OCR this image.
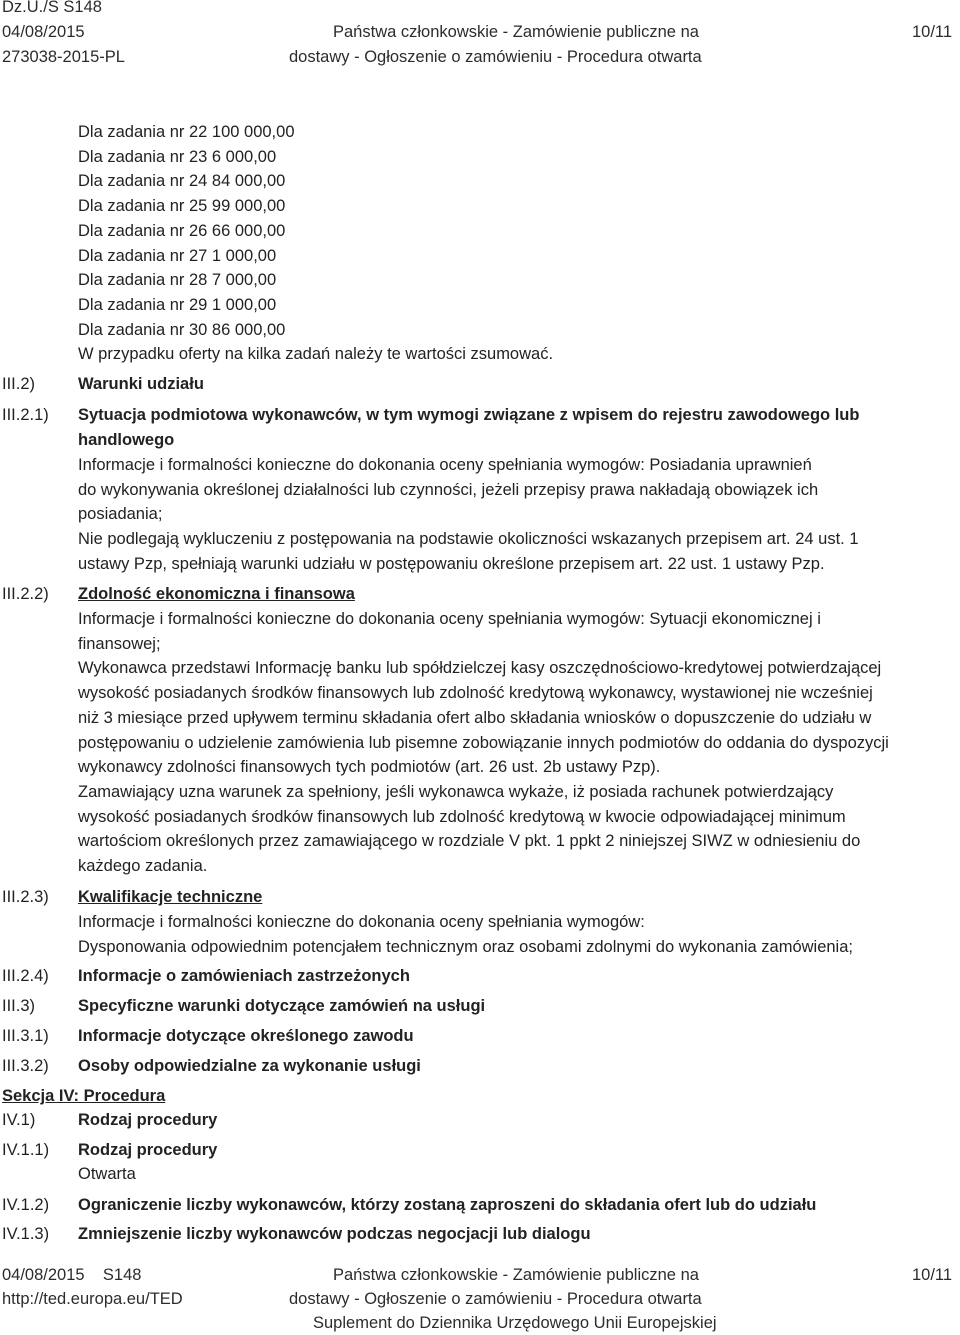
Dz.U./S S148
04/08/2015
273038-2015-PL
Państwa członkowskie - Zamówienie publiczne na
dostawy - Ogłoszenie o zamówieniu - Procedura otwarta
10/11
Dla zadania nr 22 100 000,00
Dla zadania nr 23 6 000,00
Dla zadania nr 24 84 000,00
Dla zadania nr 25 99 000,00
Dla zadania nr 26 66 000,00
Dla zadania nr 27 1 000,00
Dla zadania nr 28 7 000,00
Dla zadania nr 29 1 000,00
Dla zadania nr 30 86 000,00
W przypadku oferty na kilka zadań należy te wartości zsumować.
III.2)	Warunki udziału
III.2.1) Sytuacja podmiotowa wykonawców, w tym wymogi związane z wpisem do rejestru zawodowego lub
handlowego
Informacje i formalności konieczne do dokonania oceny spełniania wymogów: Posiadania uprawnień
do wykonywania określonej działalności lub czynności, jeżeli przepisy prawa nakładają obowiązek ich
posiadania;
Nie podlegają wykluczeniu z postępowania na podstawie okoliczności wskazanych przepisem art. 24 ust. 1
ustawy Pzp, spełniają warunki udziału w postępowaniu określone przepisem art. 22 ust. 1 ustawy Pzp.
III.2.2) Zdolność ekonomiczna i finansowa
Informacje i formalności konieczne do dokonania oceny spełniania wymogów: Sytuacji ekonomicznej i
finansowej;
Wykonawca przedstawi Informację banku lub spółdzielczej kasy oszczędnościowo-kredytowej potwierdzającej
wysokość posiadanych środków finansowych lub zdolność kredytową wykonawcy, wystawionej nie wcześniej
niż 3 miesiące przed upływem terminu składania ofert albo składania wniosków o dopuszczenie do udziału w
postępowaniu o udzielenie zamówienia lub pisemne zobowiązanie innych podmiotów do oddania do dyspozycji
wykonawcy zdolności finansowych tych podmiotów (art. 26 ust. 2b ustawy Pzp).
Zamawiający uzna warunek za spełniony, jeśli wykonawca wykaże, iż posiada rachunek potwierdzający
wysokość posiadanych środków finansowych lub zdolność kredytową w kwocie odpowiadającej minimum
wartościom określonych przez zamawiającego w rozdziale V pkt. 1 ppkt 2 niniejszej SIWZ w odniesieniu do
każdego zadania.
III.2.3) Kwalifikacje techniczne
Informacje i formalności konieczne do dokonania oceny spełniania wymogów:
Dysponowania odpowiednim potencjałem technicznym oraz osobami zdolnymi do wykonania zamówienia;
III.2.4) Informacje o zamówieniach zastrzeżonych
III.3)	Specyficzne warunki dotyczące zamówień na usługi
III.3.1) Informacje dotyczące określonego zawodu
III.3.2) Osoby odpowiedzialne za wykonanie usługi
Sekcja IV: Procedura
IV.1)	Rodzaj procedury
IV.1.1) Rodzaj procedury
Otwarta
IV.1.2) Ograniczenie liczby wykonawców, którzy zostaną zaproszeni do składania ofert lub do udziału
IV.1.3) Zmniejszenie liczby wykonawców podczas negocjacji lub dialogu
04/08/2015    S148
http://ted.europa.eu/TED
Państwa członkowskie - Zamówienie publiczne na
dostawy - Ogłoszenie o zamówieniu - Procedura otwarta
Suplement do Dziennika Urzędowego Unii Europejskiej
10/11
